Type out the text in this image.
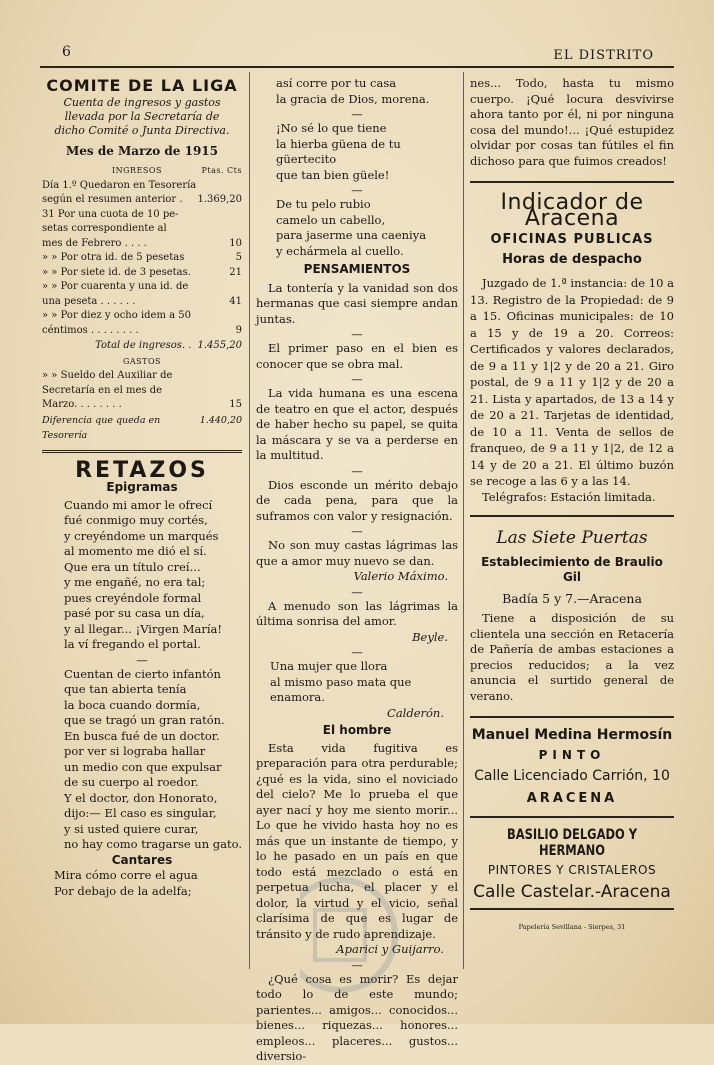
6	EL DISTRITO
COMITE DE LA LIGA

Cuenta de ingresos y gastos llevada por la Secretaría de dicho Comité o Junta Directiva.

Mes de Marzo de 1915
INGRESOS	Ptas. Cts
Día 1.º Quedaron en Tesorería
según el resumen anterior . 1.369,20
31 Por una cuota de 10 pe-
setas correspondiente al
mes de Febrero . . . .	10
» » Por otra id. de 5 pesetas	5
» » Por siete id. de 3 pesetas.	21
» » Por cuarenta y una id. de
una peseta . . . . . .	41
» » Por diez y ocho idem a 50
céntimos . . . . . . . .	9
Total de ingresos. . 1.455,20
GASTOS
» » Sueldo del Auxiliar de
Secretaría en el mes de
Marzo. . . . . . . .	15
Diferencia que queda en Tesorería
1.440,20
RETAZOS
Epigramas
Cuando mi amor le ofrecí
fué conmigo muy cortés,
y creyéndome un marqués
al momento me dió el sí.
Que era un título creí...
y me engañé, no era tal;
pues creyéndole formal
pasé por su casa un día,
y al llegar... ¡Virgen María!
la ví fregando el portal.
—
Cuentan de cierto infantón
que tan abierta tenía
la boca cuando dormía,
que se tragó un gran ratón.
En busca fué de un doctor.
por ver si lograba hallar
un medio con que expulsar
de su cuerpo al roedor.
Y el doctor, don Honorato,
dijo:— El caso es singular,
y si usted quiere curar,
no hay como tragarse un gato.
Cantares
Mira cómo corre el agua
Por debajo de la adelfa;
así corre por tu casa
la gracia de Dios, morena.
—
¡No sé lo que tiene
la hierba güena de tu güertecito
que tan bien güele!
—
De tu pelo rubio
camelo un cabello,
para jaserme una caeniya
y echármela al cuello.
PENSAMIENTOS

La tontería y la vanidad son dos hermanas que casi siempre andan juntas.

—

El primer paso en el bien es conocer que se obra mal.

—

La vida humana es una escena de teatro en que el actor, después de haber hecho su papel, se quita la máscara y se va a perderse en la multitud.

—

Dios esconde un mérito debajo de cada pena, para que la suframos con valor y resignación.

—

No son muy castas lágrimas las que a amor muy nuevo se dan.

Valerio Máximo.

—

A menudo son las lágrimas la última sonrisa del amor.

Beyle.

—
Una mujer que llora
al mismo paso mata que enamora.

Calderón.

El hombre

Esta vida fugitiva es preparación para otra perdurable; ¿qué es la vida, sino el noviciado del cielo? Me lo prueba el que ayer nací y hoy me siento morir... Lo que he vivido hasta hoy no es más que un instante de tiempo, y lo he pasado en un país en que todo está mezclado o está en perpetua lucha, el placer y el dolor, la virtud y el vicio, señal clarísima de que es lugar de tránsito y de rudo aprendizaje.

Aparici y Guijarro.

—

¿Qué cosa es morir? Es dejar todo lo de este mundo; parientes... amigos... conocidos... bienes... riquezas... honores... empleos... placeres... gustos... diversio-

nes... Todo, hasta tu mismo cuerpo. ¡Qué locura desvivirse ahora tanto por él, ni por ninguna cosa del mundo!... ¡Qué estupidez olvidar por cosas tan fútiles el fin dichoso para que fuimos creados!

Indicador de Aracena
OFICINAS PUBLICAS
Horas de despacho

Juzgado de 1.ª instancia: de 10 a 13. Registro de la Propiedad: de 9 a 15. Oficinas municipales: de 10 a 15 y de 19 a 20. Correos: Certificados y valores declarados, de 9 a 11 y 1|2 y de 20 a 21. Giro postal, de 9 a 11 y 1|2 y de 20 a 21. Lista y apartados, de 13 a 14 y de 20 a 21. Tarjetas de identidad, de 10 a 11. Venta de sellos de franqueo, de 9 a 11 y 1|2, de 12 a 14 y de 20 a 21. El último buzón se recoge a las 6 y a las 14.

Telégrafos: Estación limitada.

Las Siete Puertas
Establecimiento de Braulio Gil
Badía 5 y 7.—Aracena

Tiene a disposición de su clientela una sección en Retacería de Pañería de ambas estaciones a precios reducidos; a la vez anuncia el surtido general de verano.

Manuel Medina Hermosín
PINTO
Calle Licenciado Carrión, 10
ARACENA
BASILIO DELGADO Y HERMANO
PINTORES Y CRISTALEROS
Calle Castelar.-Aracena
Papelería Sevillana - Sierpes, 31
